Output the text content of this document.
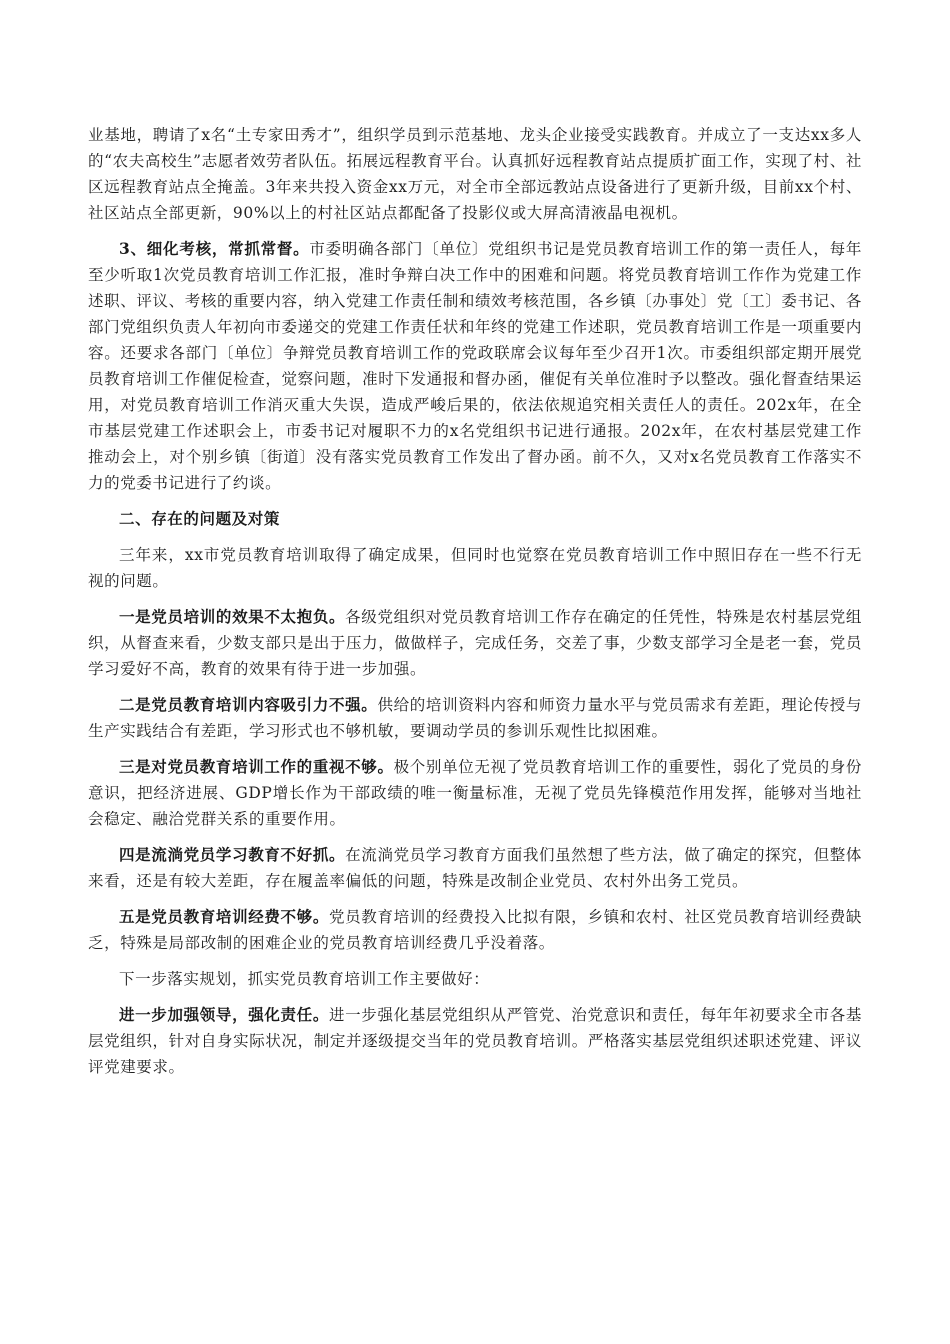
业基地，聘请了x名“土专家田秀才”，组织学员到示范基地、龙头企业接受实践教育。并成立了一支达xx多人的“农夫高校生”志愿者效劳者队伍。拓展远程教育平台。认真抓好远程教育站点提质扩面工作，实现了村、社区远程教育站点全掩盖。3年来共投入资金xx万元，对全市全部远教站点设备进行了更新升级，目前xx个村、社区站点全部更新，90%以上的村社区站点都配备了投影仪或大屏高清液晶电视机。

3、细化考核，常抓常督。市委明确各部门〔单位〕党组织书记是党员教育培训工作的第一责任人，每年至少听取1次党员教育培训工作汇报，准时争辩白决工作中的困难和问题。将党员教育培训工作作为党建工作述职、评议、考核的重要内容，纳入党建工作责任制和绩效考核范围，各乡镇〔办事处〕党〔工〕委书记、各部门党组织负责人年初向市委递交的党建工作责任状和年终的党建工作述职，党员教育培训工作是一项重要内容。还要求各部门〔单位〕争辩党员教育培训工作的党政联席会议每年至少召开1次。市委组织部定期开展党员教育培训工作催促检查，觉察问题，准时下发通报和督办函，催促有关单位准时予以整改。强化督查结果运用，对党员教育培训工作消灭重大失误，造成严峻后果的，依法依规追究相关责任人的责任。202x年，在全市基层党建工作述职会上，市委书记对履职不力的x名党组织书记进行通报。202x年，在农村基层党建工作推动会上，对个别乡镇〔街道〕没有落实党员教育工作发出了督办函。前不久，又对x名党员教育工作落实不力的党委书记进行了约谈。

二、存在的问题及对策

三年来，xx市党员教育培训取得了确定成果，但同时也觉察在党员教育培训工作中照旧存在一些不行无视的问题。

一是党员培训的效果不太抱负。各级党组织对党员教育培训工作存在确定的任凭性，特殊是农村基层党组织，从督查来看，少数支部只是出于压力，做做样子，完成任务，交差了事，少数支部学习全是老一套，党员学习爱好不高，教育的效果有待于进一步加强。

二是党员教育培训内容吸引力不强。供给的培训资料内容和师资力量水平与党员需求有差距，理论传授与生产实践结合有差距，学习形式也不够机敏，要调动学员的参训乐观性比拟困难。

三是对党员教育培训工作的重视不够。极个别单位无视了党员教育培训工作的重要性，弱化了党员的身份意识，把经济进展、GDP增长作为干部政绩的唯一衡量标准，无视了党员先锋模范作用发挥，能够对当地社会稳定、融洽党群关系的重要作用。

四是流淌党员学习教育不好抓。在流淌党员学习教育方面我们虽然想了些方法，做了确定的探究，但整体来看，还是有较大差距，存在履盖率偏低的问题，特殊是改制企业党员、农村外出务工党员。

五是党员教育培训经费不够。党员教育培训的经费投入比拟有限，乡镇和农村、社区党员教育培训经费缺乏，特殊是局部改制的困难企业的党员教育培训经费几乎没着落。

下一步落实规划，抓实党员教育培训工作主要做好：

进一步加强领导，强化责任。进一步强化基层党组织从严管党、治党意识和责任，每年年初要求全市各基层党组织，针对自身实际状况，制定并逐级提交当年的党员教育培训。严格落实基层党组织述职述党建、评议评党建要求。
